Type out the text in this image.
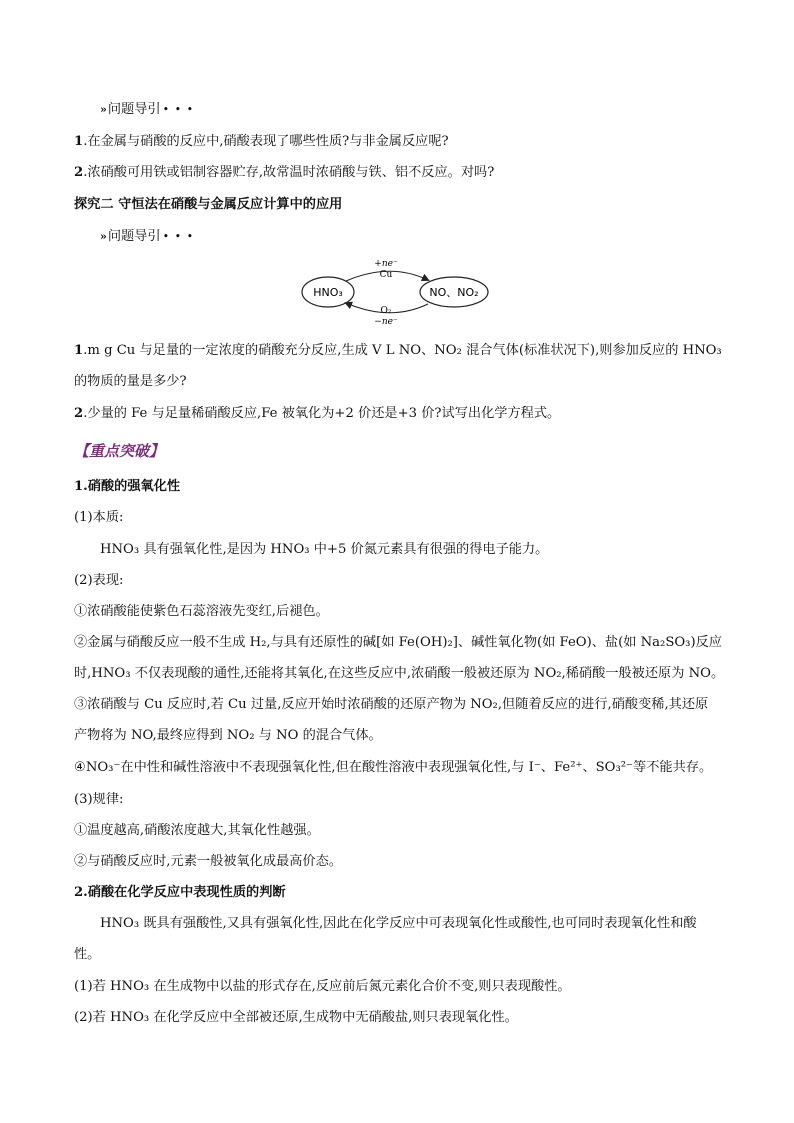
» 问题导引 • • •
1.在金属与硝酸的反应中,硝酸表现了哪些性质?与非金属反应呢?
2.浓硝酸可用铁或铝制容器贮存,故常温时浓硝酸与铁、铝不反应。对吗?
探究二 守恒法在硝酸与金属反应计算中的应用
» 问题导引 • • •
HNO₃	NO、NO₂
+ne⁻
Cu
O₂
−ne⁻
1.m g Cu 与足量的一定浓度的硝酸充分反应,生成 V L NO、NO₂ 混合气体(标准状况下),则参加反应的 HNO₃
的物质的量是多少?
2.少量的 Fe 与足量稀硝酸反应,Fe 被氧化为+2 价还是+3 价?试写出化学方程式。
【重点突破】
1.硝酸的强氧化性
(1)本质:
HNO₃ 具有强氧化性,是因为 HNO₃ 中+5 价氮元素具有很强的得电子能力。
(2)表现:
①浓硝酸能使紫色石蕊溶液先变红,后褪色。
②金属与硝酸反应一般不生成 H₂,与具有还原性的碱[如 Fe(OH)₂]、碱性氧化物(如 FeO)、盐(如 Na₂SO₃)反应
时,HNO₃ 不仅表现酸的通性,还能将其氧化,在这些反应中,浓硝酸一般被还原为 NO₂,稀硝酸一般被还原为 NO。
③浓硝酸与 Cu 反应时,若 Cu 过量,反应开始时浓硝酸的还原产物为 NO₂,但随着反应的进行,硝酸变稀,其还原
产物将为 NO,最终应得到 NO₂ 与 NO 的混合气体。
④NO₃⁻在中性和碱性溶液中不表现强氧化性,但在酸性溶液中表现强氧化性,与 I⁻、Fe²⁺、SO₃²⁻等不能共存。
(3)规律:
①温度越高,硝酸浓度越大,其氧化性越强。
②与硝酸反应时,元素一般被氧化成最高价态。
2.硝酸在化学反应中表现性质的判断
HNO₃ 既具有强酸性,又具有强氧化性,因此在化学反应中可表现氧化性或酸性,也可同时表现氧化性和酸
性。
(1)若 HNO₃ 在生成物中以盐的形式存在,反应前后氮元素化合价不变,则只表现酸性。
(2)若 HNO₃ 在化学反应中全部被还原,生成物中无硝酸盐,则只表现氧化性。
